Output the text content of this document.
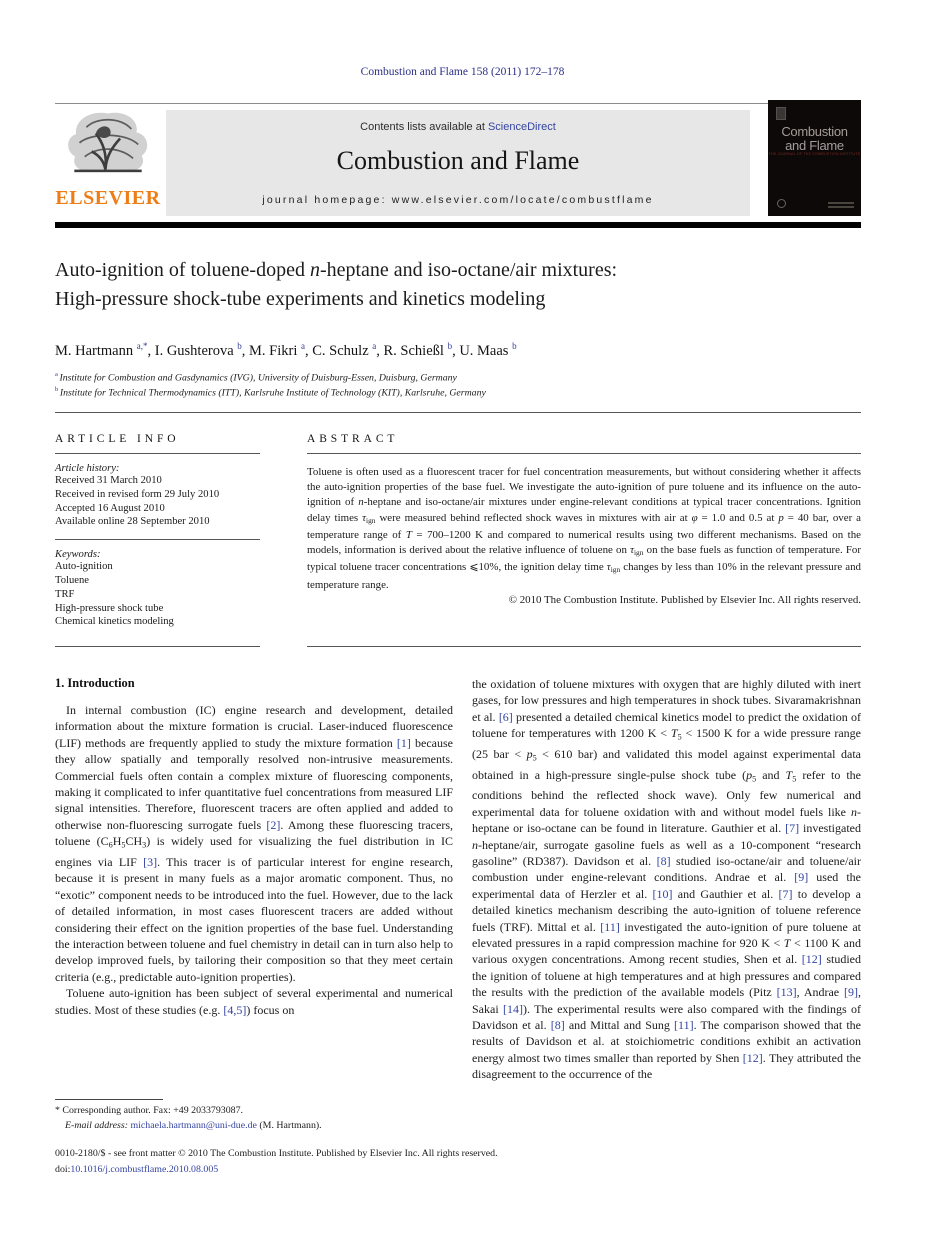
Combustion and Flame 158 (2011) 172–178
ELSEVIER
Contents lists available at ScienceDirect
Combustion and Flame
journal homepage: www.elsevier.com/locate/combustflame
Combustion
and Flame
THE JOURNAL OF THE COMBUSTION INSTITUTE
Auto-ignition of toluene-doped n-heptane and iso-octane/air mixtures:
High-pressure shock-tube experiments and kinetics modeling
M. Hartmann $^{a,*}$, I. Gushterova $^b$, M. Fikri $^a$, C. Schulz $^a$, R. Schießl $^b$, U. Maas $^b$
$^a$ Institute for Combustion and Gasdynamics (IVG), University of Duisburg-Essen, Duisburg, Germany
$^b$ Institute for Technical Thermodynamics (ITT), Karlsruhe Institute of Technology (KIT), Karlsruhe, Germany
ARTICLE INFO
Article history:
Received 31 March 2010
Received in revised form 29 July 2010
Accepted 16 August 2010
Available online 28 September 2010
Keywords:
Auto-ignition
Toluene
TRF
High-pressure shock tube
Chemical kinetics modeling
ABSTRACT
Toluene is often used as a fluorescent tracer for fuel concentration measurements, but without considering whether it affects the auto-ignition properties of the base fuel. We investigate the auto-ignition of pure toluene and its influence on the auto-ignition of n-heptane and iso-octane/air mixtures under engine-relevant conditions at typical tracer concentrations. Ignition delay times $\tau_{ign}$ were measured behind reflected shock waves in mixtures with air at φ = 1.0 and 0.5 at p = 40 bar, over a temperature range of T = 700–1200 K and compared to numerical results using two different mechanisms. Based on the models, information is derived about the relative influence of toluene on $\tau_{ign}$ on the base fuels as function of temperature. For typical toluene tracer concentrations ⩽10%, the ignition delay time $\tau_{ign}$ changes by less than 10% in the relevant pressure and temperature range.
© 2010 The Combustion Institute. Published by Elsevier Inc. All rights reserved.
1. Introduction

In internal combustion (IC) engine research and development, detailed information about the mixture formation is crucial. Laser-induced fluorescence (LIF) methods are frequently applied to study the mixture formation [1] because they allow spatially and temporally resolved non-intrusive measurements. Commercial fuels often contain a complex mixture of fluorescing components, making it complicated to infer quantitative fuel concentrations from measured LIF signal intensities. Therefore, fluorescent tracers are often applied and added to otherwise non-fluorescing surrogate fuels [2]. Among these fluorescing tracers, toluene $(C_6H_5CH_3)$ is widely used for visualizing the fuel distribution in IC engines via LIF [3]. This tracer is of particular interest for engine research, because it is present in many fuels as a major aromatic component. Thus, no “exotic” component needs to be introduced into the fuel. However, due to the lack of detailed information, in most cases fluorescent tracers are added without considering their effect on the ignition properties of the base fuel. Understanding the interaction between toluene and fuel chemistry in detail can in turn also help to develop improved fuels, by tailoring their composition so that they meet certain criteria (e.g., predictable auto-ignition properties).

Toluene auto-ignition has been subject of several experimental and numerical studies. Most of these studies (e.g. [4,5]) focus on

the oxidation of toluene mixtures with oxygen that are highly diluted with inert gases, for low pressures and high temperatures in shock tubes. Sivaramakrishnan et al. [6] presented a detailed chemical kinetics model to predict the oxidation of toluene for temperatures with 1200 $K < T_5 < 1500$ K for a wide pressure range (25 bar < $p_5 < 610$ bar) and validated this model against experimental data obtained in a high-pressure single-pulse shock tube ($p_5$ and $T_5$ refer to the conditions behind the reflected shock wave). Only few numerical and experimental data for toluene oxidation with and without model fuels like n-heptane or iso-octane can be found in literature. Gauthier et al. [7] investigated n-heptane/air, surrogate gasoline fuels as well as a 10-component “research gasoline” (RD387). Davidson et al. [8] studied iso-octane/air and toluene/air combustion under engine-relevant conditions. Andrae et al. [9] used the experimental data of Herzler et al. [10] and Gauthier et al. [7] to develop a detailed kinetics mechanism describing the auto-ignition of toluene reference fuels (TRF). Mittal et al. [11] investigated the auto-ignition of pure toluene at elevated pressures in a rapid compression machine for 920 K < T < 1100 K and various oxygen concentrations. Among recent studies, Shen et al. [12] studied the ignition of toluene at high temperatures and at high pressures and compared the results with the prediction of the available models (Pitz [13], Andrae [9], Sakai [14]). The experimental results were also compared with the findings of Davidson et al. [8] and Mittal and Sung [11]. The comparison showed that the results of Davidson et al. at stoichiometric conditions exhibit an activation energy almost two times smaller than reported by Shen [12]. They attributed the disagreement to the occurrence of the

* Corresponding author. Fax: +49 2033793087.
E-mail address: michaela.hartmann@uni-due.de (M. Hartmann).
0010-2180/$ - see front matter © 2010 The Combustion Institute. Published by Elsevier Inc. All rights reserved.
doi:10.1016/j.combustflame.2010.08.005
